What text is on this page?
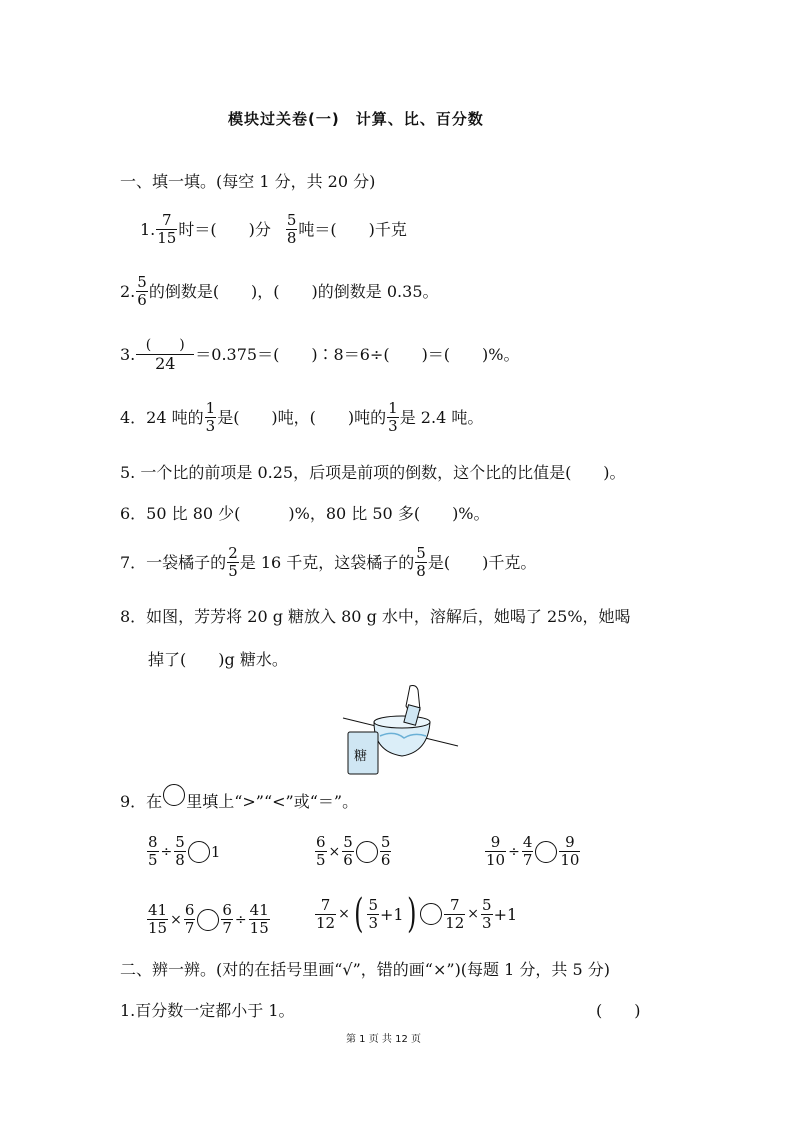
模块过关卷(一)　计算、比、百分数
一、填一填。(每空 1 分，共 20 分)
1. $\frac{7}{15}$ 时＝(　　)分 $\frac{5}{8}$ 吨＝(　　)千克
2. $\frac{5}{6}$ 的倒数是(　　)，(　　)的倒数是 0.35。
3. $\frac{( )}{24} =0.375=$(　　)∶8＝6÷(　　)＝(　　)%。
4．24 吨的 $\frac{1}{3}$ 是(　　)吨，(　　)吨的 $\frac{1}{3}$ 是 2.4 吨。
5. 一个比的前项是 0.25，后项是前项的倒数，这个比的比值是(　　)。
6．50 比 80 少(　　　)%，80 比 50 多(　　)%。
7．一袋橘子的 $\frac{2}{5}$ 是 16 千克，这袋橘子的 $\frac{5}{8}$ 是(　　)千克。
8．如图，芳芳将 20 g 糖放入 80 g 水中，溶解后，她喝了 25%，她喝
掉了(　　)g 糖水。
糖
9．在 里填上“>”“<”或“＝”。
$\frac{8}{5} \div \frac{5}{8} 1$	$\frac{6}{5} \times \frac{5}{6} \frac{5}{6}$	$\frac{9}{10} \div \frac{4}{7} \frac{9}{10}$
$\frac{41}{15} \times \frac{6}{7} \frac{6}{7} \div \frac{41}{15}$	$\frac{7}{12}$ × ( $\frac{5}{3} +1$ ) $\frac{7}{12} \times \frac{5}{3} +1$
二、辨一辨。(对的在括号里画“√”，错的画“×”)(每题 1 分，共 5 分)
1.百分数一定都小于 1。	(　　)
第 1 页 共 12 页
